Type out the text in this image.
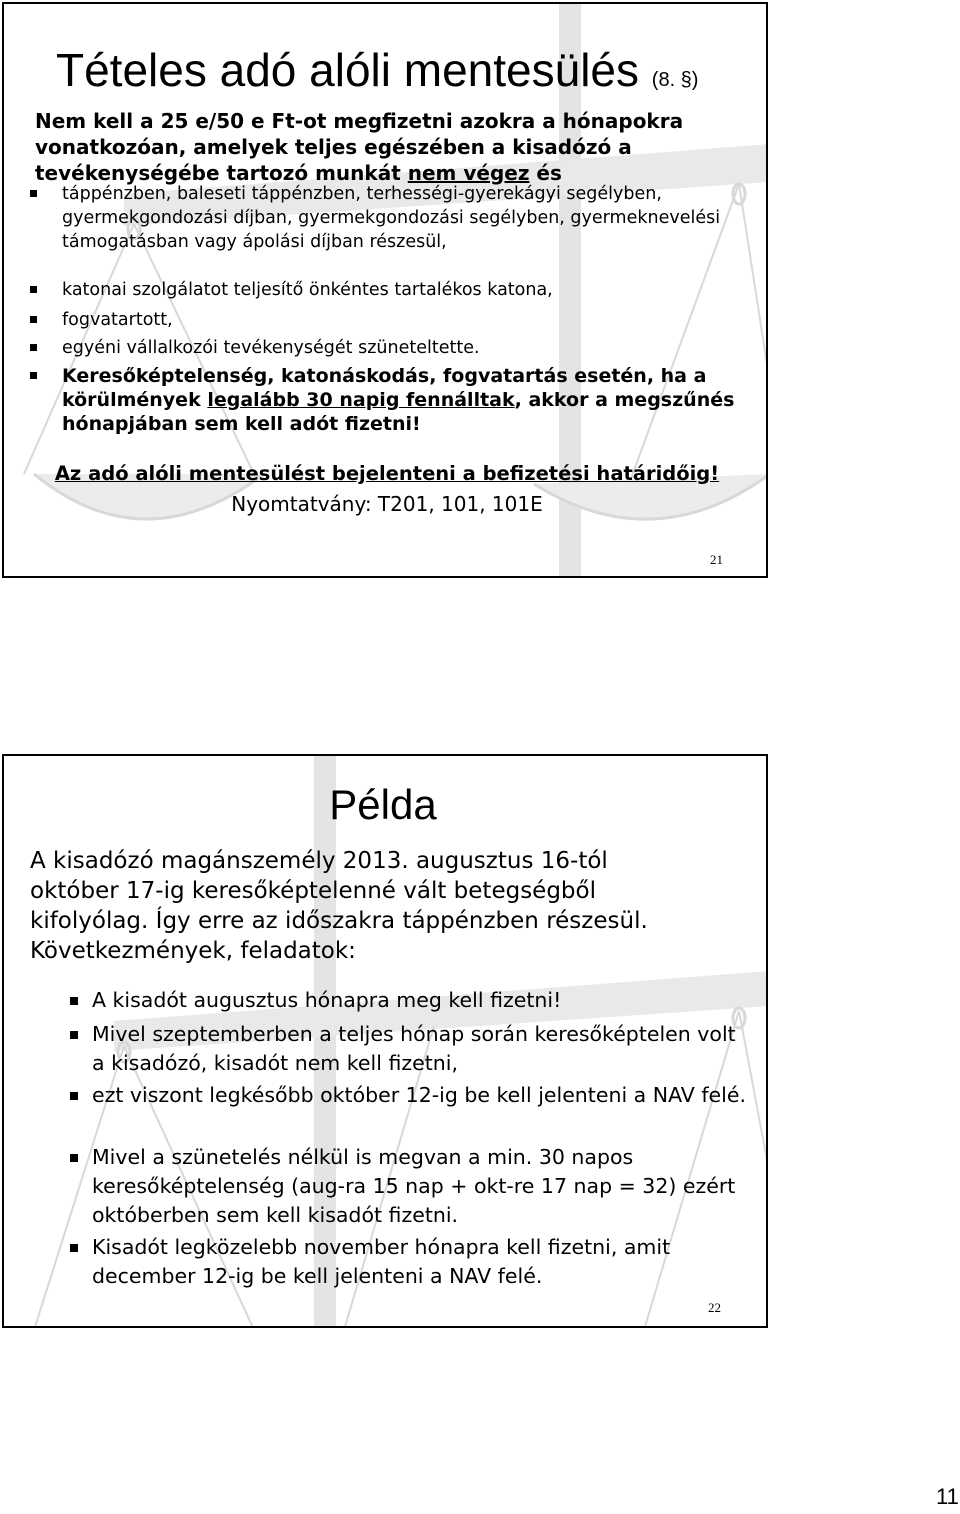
Tételes adó alóli mentesülés (8. §)
Nem kell a 25 e/50 e Ft-ot megfizetni azokra a hónapokra
vonatkozóan, amelyek teljes egészében a kisadózó a
tevékenységébe tartozó munkát nem végez és
táppénzben, baleseti táppénzben, terhességi-gyerekágyi segélyben, gyermekgondozási díjban, gyermekgondozási segélyben, gyermeknevelési támogatásban vagy ápolási díjban részesül,
katonai szolgálatot teljesítő önkéntes tartalékos katona,
fogvatartott,
egyéni vállalkozói tevékenységét szüneteltette.
Keresőképtelenség, katonáskodás, fogvatartás esetén, ha a körülmények legalább 30 napig fennálltak, akkor a megszűnés hónapjában sem kell adót fizetni!
Az adó alóli mentesülést bejelenteni a befizetési határidőig!
Nyomtatvány: T201, 101, 101E
21
Példa
A kisadózó magánszemély 2013. augusztus 16-tól
október 17-ig keresőképtelenné vált betegségből
kifolyólag. Így erre az időszakra táppénzben részesül.
Következmények, feladatok:
A kisadót augusztus hónapra meg kell fizetni!
Mivel szeptemberben a teljes hónap során keresőképtelen volt a kisadózó, kisadót nem kell fizetni,
ezt viszont legkésőbb október 12-ig be kell jelenteni a NAV felé.
Mivel a szünetelés nélkül is megvan a min. 30 napos keresőképtelenség (aug-ra 15 nap + okt-re 17 nap = 32) ezért októberben sem kell kisadót fizetni.
Kisadót legközelebb november hónapra kell fizetni, amit december 12-ig be kell jelenteni a NAV felé.
22
11
